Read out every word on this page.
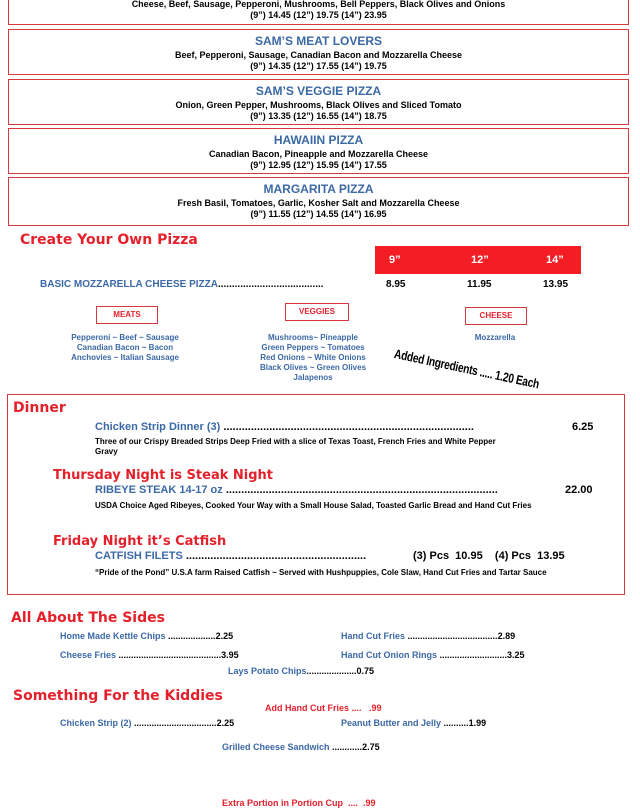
Cheese, Beef, Sausage, Pepperoni, Mushrooms, Bell Peppers, Black Olives and Onions
(9”) 14.45 (12”) 19.75 (14”) 23.95
SAM’S MEAT LOVERS
Beef, Pepperoni, Sausage, Canadian Bacon and Mozzarella Cheese
(9”) 14.35 (12”) 17.55 (14”) 19.75
SAM’S VEGGIE PIZZA
Onion, Green Pepper, Mushrooms, Black Olives and Sliced Tomato
(9”) 13.35 (12”) 16.55 (14”) 18.75
HAWAIIN PIZZA
Canadian Bacon, Pineapple and Mozzarella Cheese
(9”) 12.95 (12”) 15.95 (14”) 17.55
MARGARITA PIZZA
Fresh Basil, Tomatoes, Garlic, Kosher Salt and Mozzarella Cheese
(9”) 11.55 (12”) 14.55 (14”) 16.95
Create Your Own Pizza
9”	12”	14”
BASIC MOZZARELLA CHEESE PIZZA......................................	8.95	11.95	13.95
MEATS	VEGGIES	CHEESE
Pepperoni ~ Beef ~ Sausage
Canadian Bacon ~ Bacon
Anchovies ~ Italian Sausage
Mushrooms~ Pineapple
Green Peppers ~ Tomatoes
Red Onions ~ White Onions
Black Olives ~ Green Olives
Jalapenos
Mozzarella
Added Ingredients ..... 1.20 Each
Dinner
Chicken Strip Dinner (3) ..................................................................................	6.25
Three of our Crispy Breaded Strips Deep Fried with a slice of Texas Toast, French Fries and White Pepper Gravy
Thursday Night is Steak Night
RIBEYE STEAK 14-17 oz .........................................................................................	22.00
USDA Choice Aged Ribeyes, Cooked Your Way with a Small House Salad, Toasted Garlic Bread and Hand Cut Fries
Friday Night it’s Catfish
CATFISH FILETS ...........................................................	(3) Pcs  10.95    (4) Pcs  13.95
“Pride of the Pond” U.S.A farm Raised Catfish ~ Served with Hushpuppies, Cole Slaw, Hand Cut Fries and Tartar Sauce
All About The Sides
Home Made Kettle Chips ...................2.25	Hand Cut Fries ....................................2.89
Cheese Fries .........................................3.95	Hand Cut Onion Rings ...........................3.25
Lays Potato Chips....................0.75
Something For the Kiddies
Add Hand Cut Fries ....   .99
Chicken Strip (2) .................................2.25	Peanut Butter and Jelly ..........1.99
Grilled Cheese Sandwich ............2.75
Extra Portion in Portion Cup  ....  .99
